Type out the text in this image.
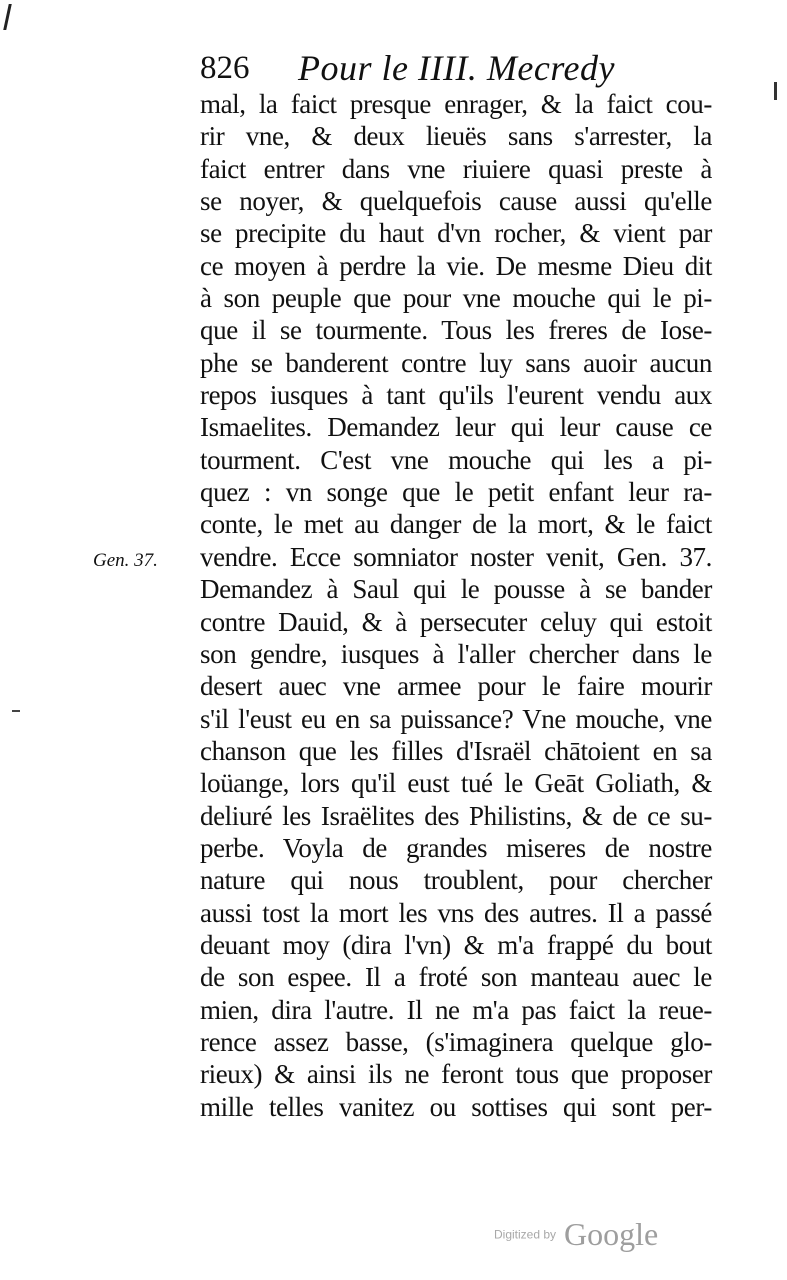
826 Pour le IIII. Mecredy
Gen. 37.
mal, la faict presque enrager, & la faict cou-
rir vne, & deux lieuës sans s'arrester, la
faict entrer dans vne riuiere quasi preste à
se noyer, & quelquefois cause aussi qu'elle
se precipite du haut d'vn rocher, & vient par
ce moyen à perdre la vie. De mesme Dieu dit
à son peuple que pour vne mouche qui le pi-
que il se tourmente. Tous les freres de Iose-
phe se banderent contre luy sans auoir aucun
repos iusques à tant qu'ils l'eurent vendu aux
Ismaelites. Demandez leur qui leur cause ce
tourment. C'est vne mouche qui les a pi-
quez : vn songe que le petit enfant leur ra-
conte, le met au danger de la mort, & le faict
vendre. Ecce somniator noster venit, Gen. 37.
Demandez à Saul qui le pousse à se bander
contre Dauid, & à persecuter celuy qui estoit
son gendre, iusques à l'aller chercher dans le
desert auec vne armee pour le faire mourir
s'il l'eust eu en sa puissance? Vne mouche, vne
chanson que les filles d'Israël chātoient en sa
loüange, lors qu'il eust tué le Geāt Goliath, &
deliuré les Israëlites des Philistins, & de ce su-
perbe. Voyla de grandes miseres de nostre
nature qui nous troublent, pour chercher
aussi tost la mort les vns des autres. Il a passé
deuant moy (dira l'vn) & m'a frappé du bout
de son espee. Il a froté son manteau auec le
mien, dira l'autre. Il ne m'a pas faict la reue-
rence assez basse, (s'imaginera quelque glo-
rieux) & ainsi ils ne feront tous que proposer
mille telles vanitez ou sottises qui sont per-
Digitized by Google
